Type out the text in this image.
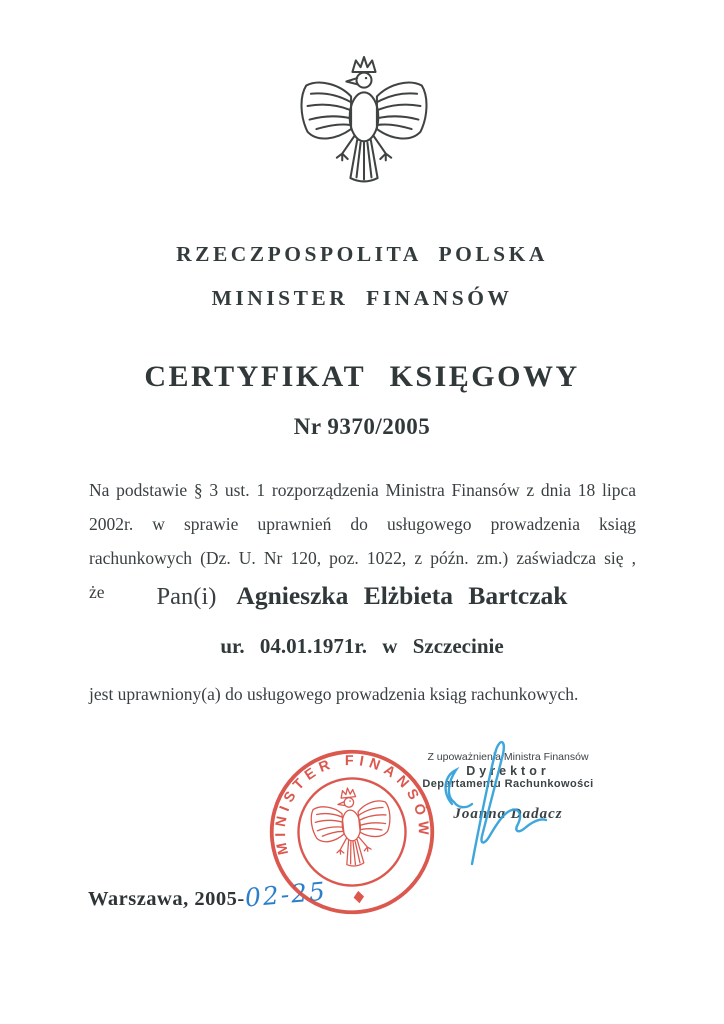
RZECZPOSPOLITA POLSKA
MINISTER FINANSÓW
CERTYFIKAT KSIĘGOWY
Nr 9370/2005

Na podstawie § 3 ust. 1 rozporządzenia Ministra Finansów z dnia 18 lipca 2002r. w sprawie uprawnień do usługowego prowadzenia ksiąg rachunkowych (Dz. U. Nr 120, poz. 1022, z późn. zm.) zaświadcza się , że	Pan(i) Agnieszka Elżbieta Bartczak
ur. 04.01.1971r. w Szczecinie

jest uprawniony(a) do usługowego prowadzenia ksiąg rachunkowych.

MINISTER FINANSÓW
Z upoważnienia Ministra Finansów
Dyrektor
Departamentu Rachunkowości
Joanna Dadacz
Warszawa, 2005-02-25
